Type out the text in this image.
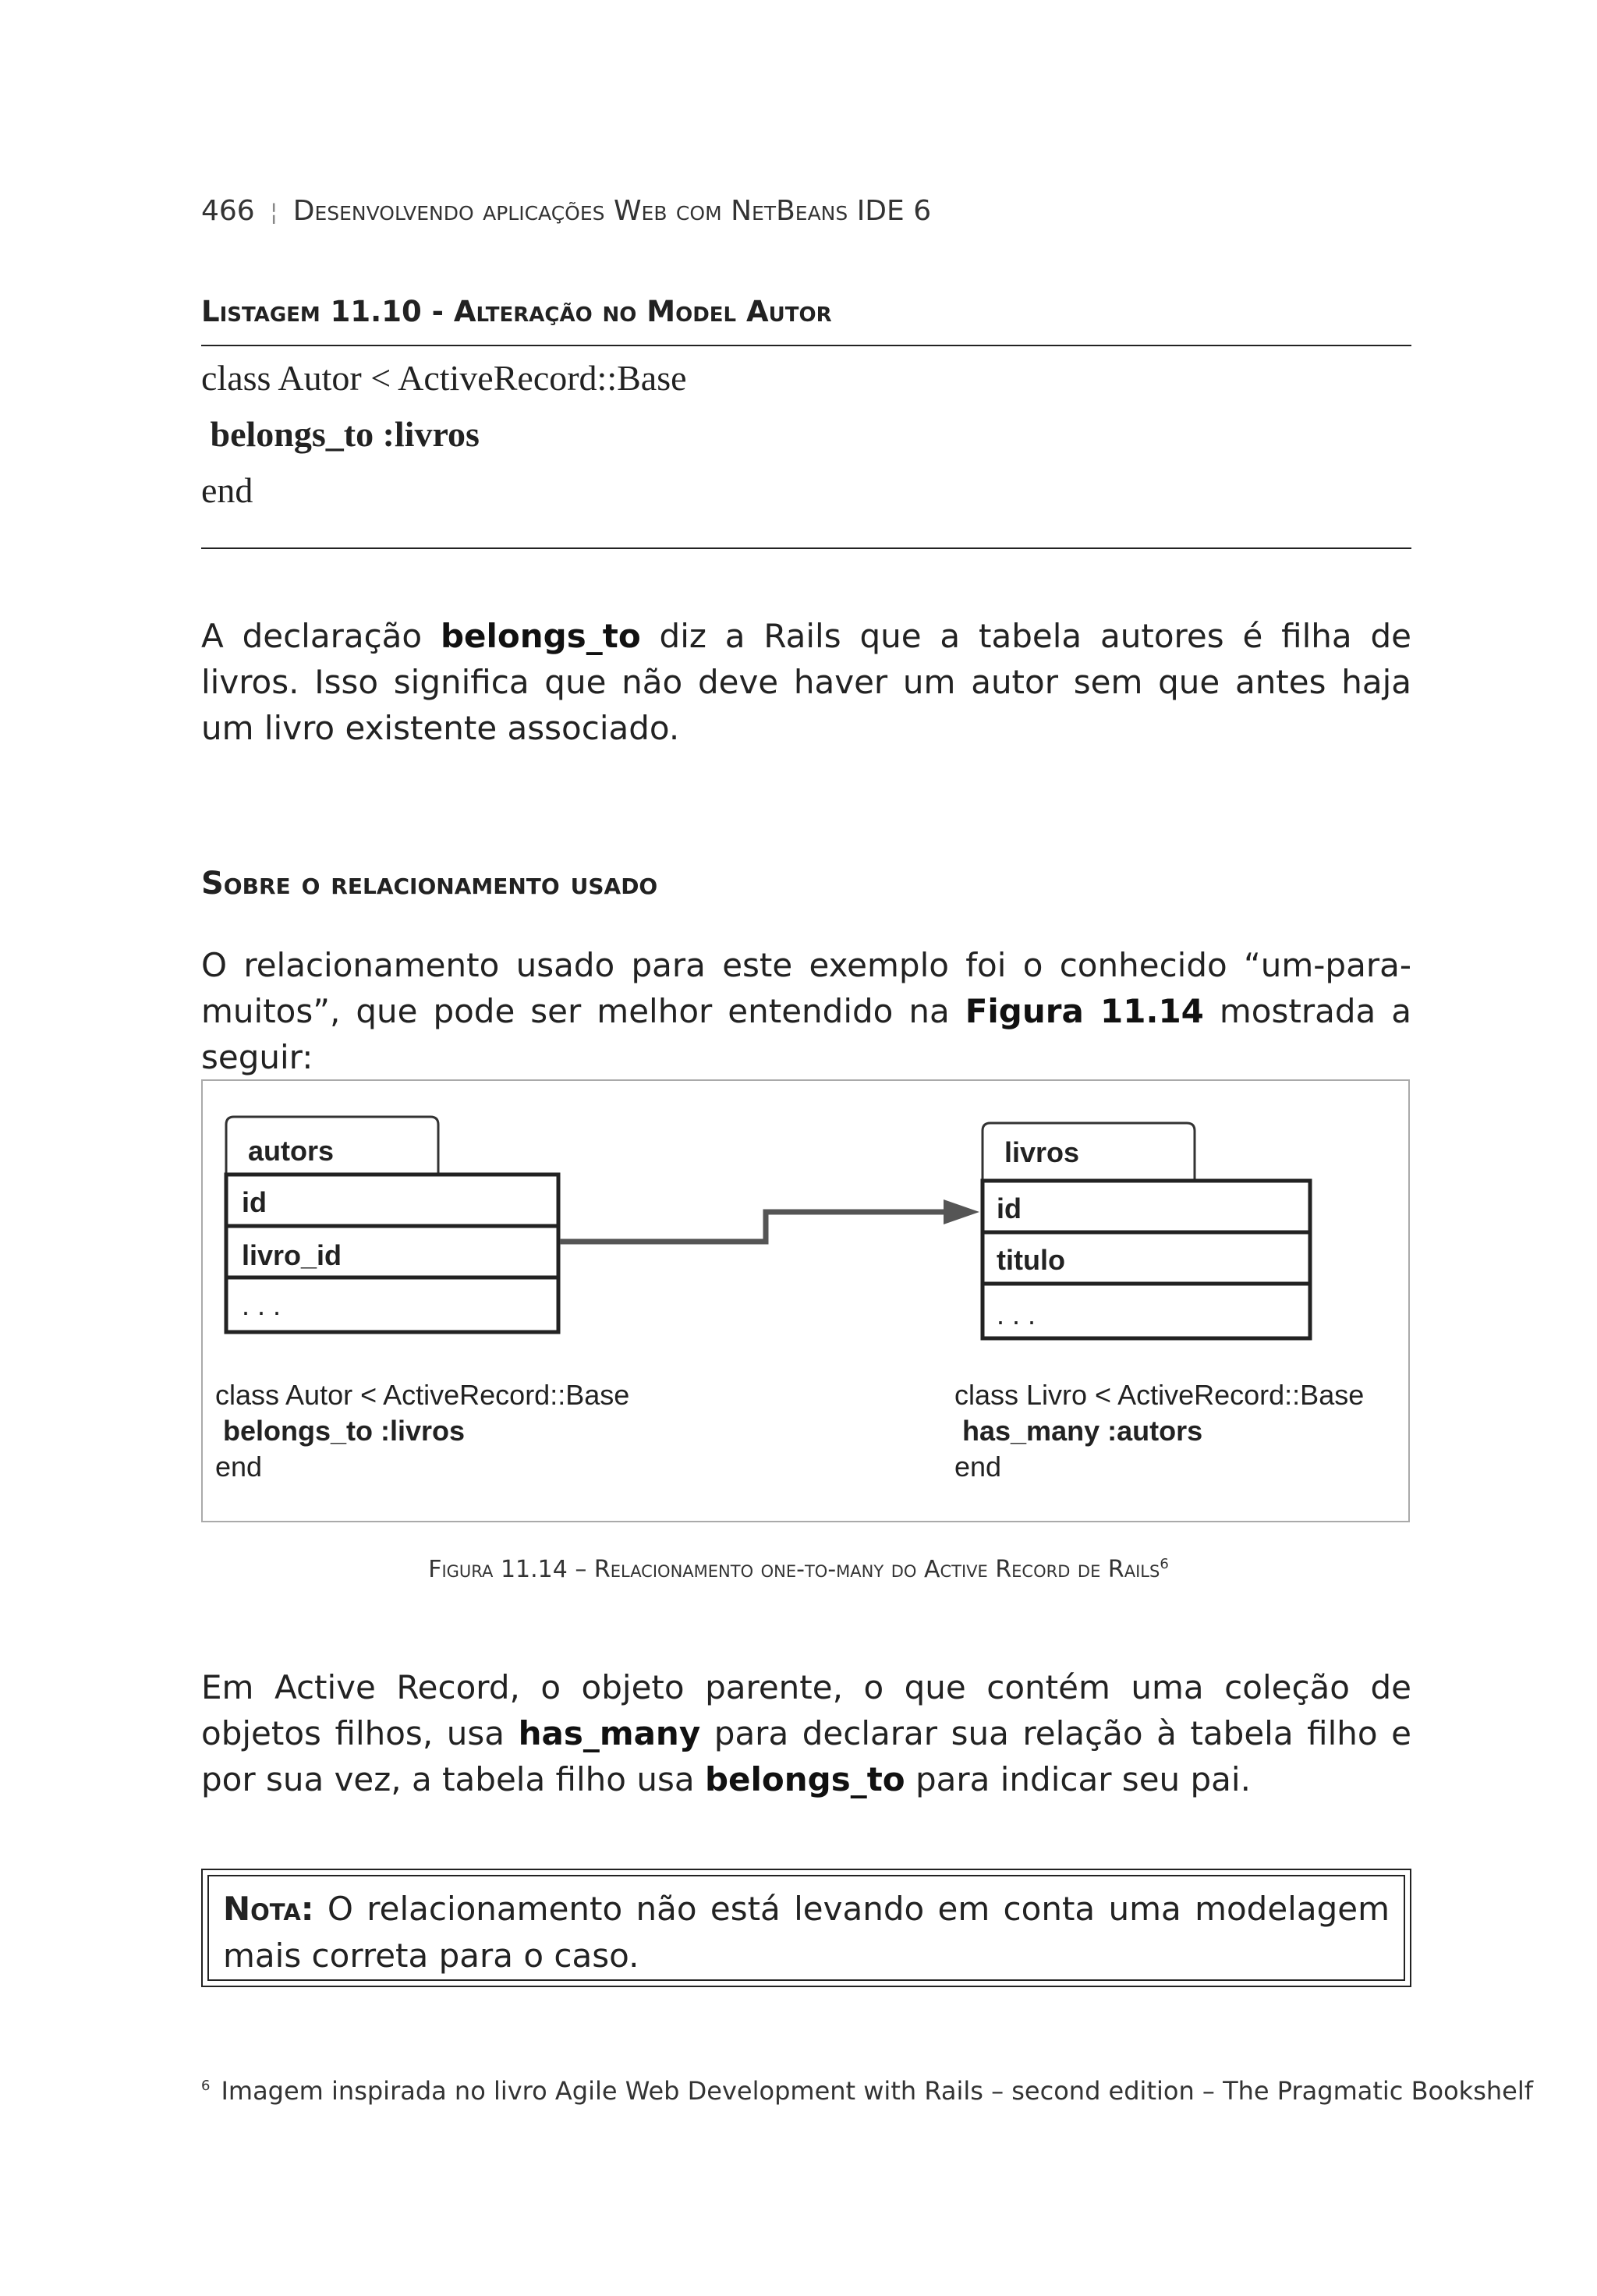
466 ¦ Desenvolvendo aplicações Web com NetBeans IDE 6
Listagem 11.10 - Alteração no Model Autor
class Autor < ActiveRecord::Base
belongs_to :livros
end
A declaração belongs_to diz a Rails que a tabela autores é filha de livros. Isso significa que não deve haver um autor sem que antes haja um livro existente associado.
Sobre o relacionamento usado
O relacionamento usado para este exemplo foi o conhecido “um-para-muitos”, que pode ser melhor entendido na Figura 11.14 mostrada a seguir:
autors
id
livro_id
. . .
livros
id
titulo
. . .
class Autor < ActiveRecord::Base
belongs_to :livros
end
class Livro < ActiveRecord::Base
has_many :autors
end
Figura 11.14 – Relacionamento one-to-many do Active Record de Rails$^6$
Em Active Record, o objeto parente, o que contém uma coleção de objetos filhos, usa has_many para declarar sua relação à tabela filho e por sua vez, a tabela filho usa belongs_to para indicar seu pai.
Nota: O relacionamento não está levando em conta uma modelagem mais correta para o caso.
$^6$ Imagem inspirada no livro Agile Web Development with Rails – second edition – The Pragmatic Bookshelf
